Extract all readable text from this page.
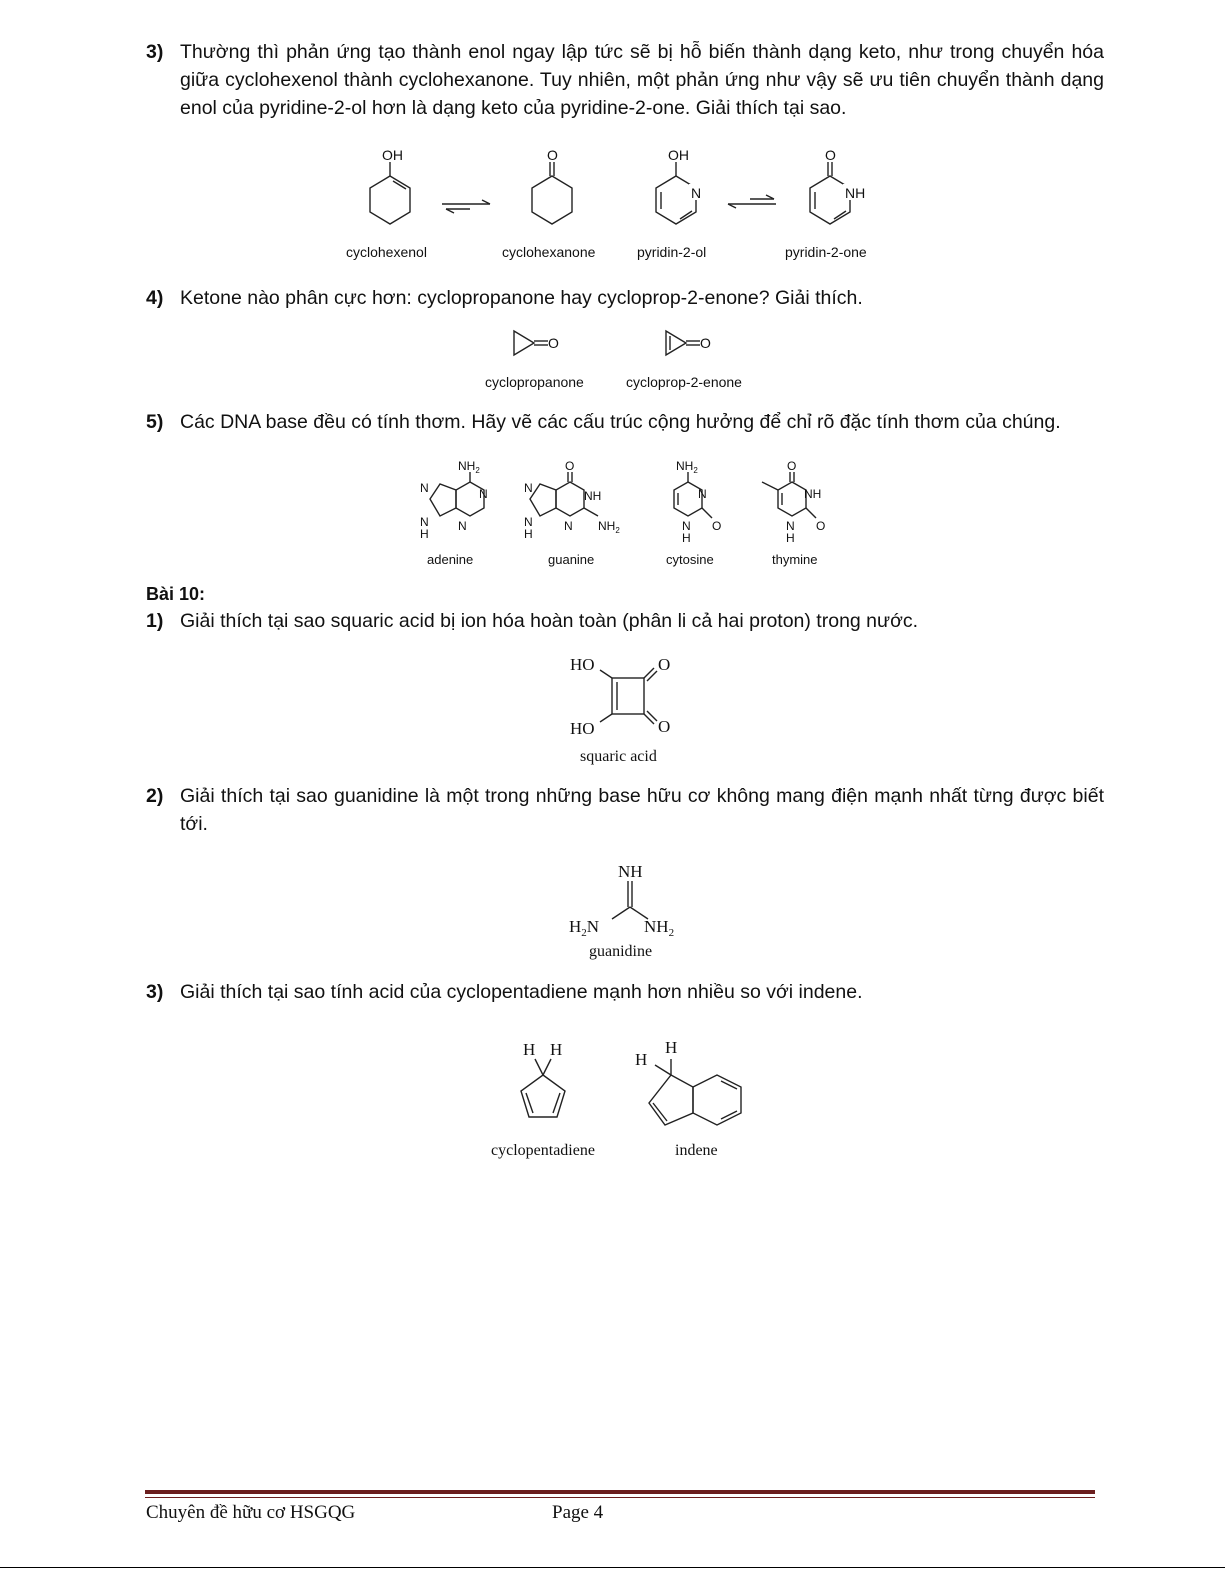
3) Thường thì phản ứng tạo thành enol ngay lập tức sẽ bị hỗ biến thành dạng keto, như trong chuyển hóa giữa cyclohexenol thành cyclohexanone. Tuy nhiên, một phản ứng như vậy sẽ ưu tiên chuyển thành dạng enol của pyridine-2-ol hơn là dạng keto của pyridine-2-one. Giải thích tại sao.
OH	O
N
OH
NH
O
cyclohexenol	cyclohexanone	pyridin-2-ol	pyridin-2-one
4) Ketone nào phân cực hơn: cyclopropanone hay cycloprop-2-enone? Giải thích.
O	O
cyclopropanone	cycloprop-2-enone
5) Các DNA base đều có tính thơm. Hãy vẽ các cấu trúc cộng hưởng để chỉ rõ đặc tính thơm của chúng.
$NH_2$
N
N
N
N
H
O
NH
N $NH_2$
N
N
H
$NH_2$
N
N
H
O
O
NH
N
H
O
adenine	guanine	cytosine	thymine
Bài 10:
1) Giải thích tại sao squaric acid bị ion hóa hoàn toàn (phân li cả hai proton) trong nước.
HO	O
HO	O
squaric acid
2) Giải thích tại sao guanidine là một trong những base hữu cơ không mang điện mạnh nhất từng được biết tới.
NH
$H_2N$	$NH_2$
guanidine
3) Giải thích tại sao tính acid của cyclopentadiene mạnh hơn nhiều so với indene.
H H	H
H
cyclopentadiene	indene
Chuyên đề hữu cơ HSGQG	Page 4
